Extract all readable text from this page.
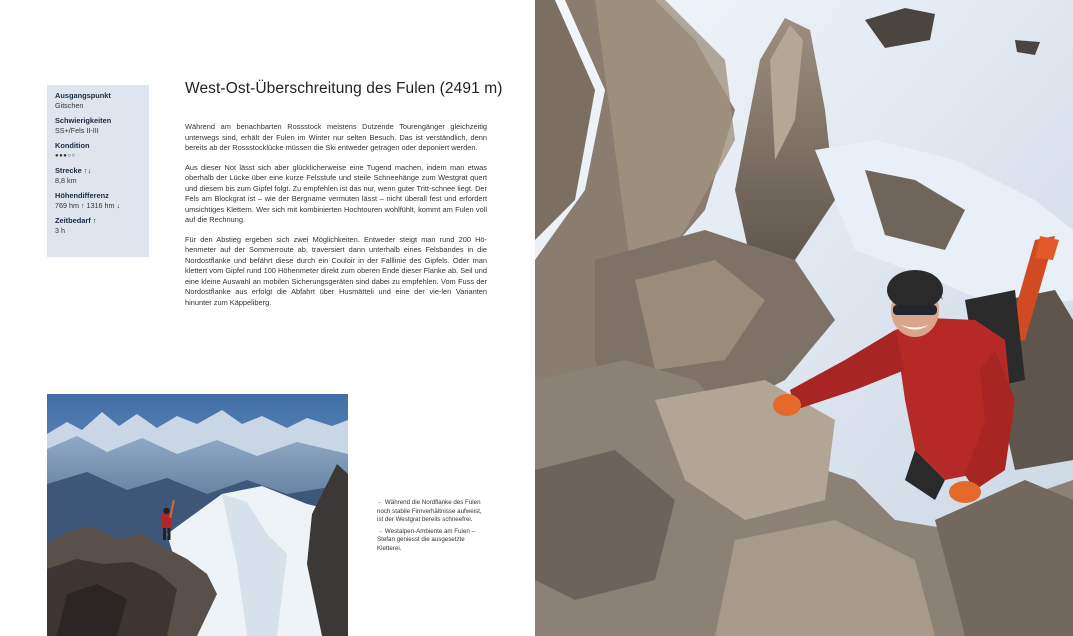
Ausgangspunkt
Gitschen
Schwierigkeiten
SS+/Fels II-III
Kondition
●●●○○
Strecke ↑↓
8,8 km
Höhendifferenz
769 hm ↑ 1316 hm ↓
Zeitbedarf ↑
3 h
West-Ost-Überschreitung des Fulen (2491 m)

Während am benachbarten Rossstock meistens Dutzende Tourengänger gleichzeitig unterwegs sind, erhält der Fulen im Winter nur selten Besuch. Das ist verständlich, denn bereits ab der Rossstocklücke müssen die Ski entweder getragen oder deponiert werden.

Aus dieser Not lässt sich aber glücklicherweise eine Tugend machen, indem man etwas oberhalb der Lücke über eine kurze Felsstufe und steile Schneehänge zum Westgrat quert und diesem bis zum Gipfel folgt. Zu empfehlen ist das nur, wenn guter Tritt-schnee liegt. Der Fels am Blockgrat ist – wie der Bergname vermuten lässt – nicht überall fest und erfordert umsichtiges Klettern. Wer sich mit kombinierten Hochtouren wohlfühlt, kommt am Fulen voll auf die Rechnung.

Für den Abstieg ergeben sich zwei Möglichkeiten. Entweder steigt man rund 200 Hö-henmeter auf der Sommerroute ab, traversiert dann unterhalb eines Felsbandes in die Nordostflanke und befährt diese durch ein Couloir in der Falllinie des Gipfels. Oder man klettert vom Gipfel rund 100 Höhenmeter direkt zum oberen Ende dieser Flanke ab. Seil und eine kleine Auswahl an mobilen Sicherungsgeräten sind dabei zu empfehlen. Vom Fuss der Nordostflanke aus erfolgt die Abfahrt über Husmätteli und eine der vie-len Varianten hinunter zum Käppeliberg.

← Während die Nordflanke des Fulen noch stabile Firnverhältnisse aufweist, ist der Westgrat bereits schneefrei.
→ Westalpen-Ambiente am Fulen – Stefan geniesst die ausgesetzte Kletterei.
